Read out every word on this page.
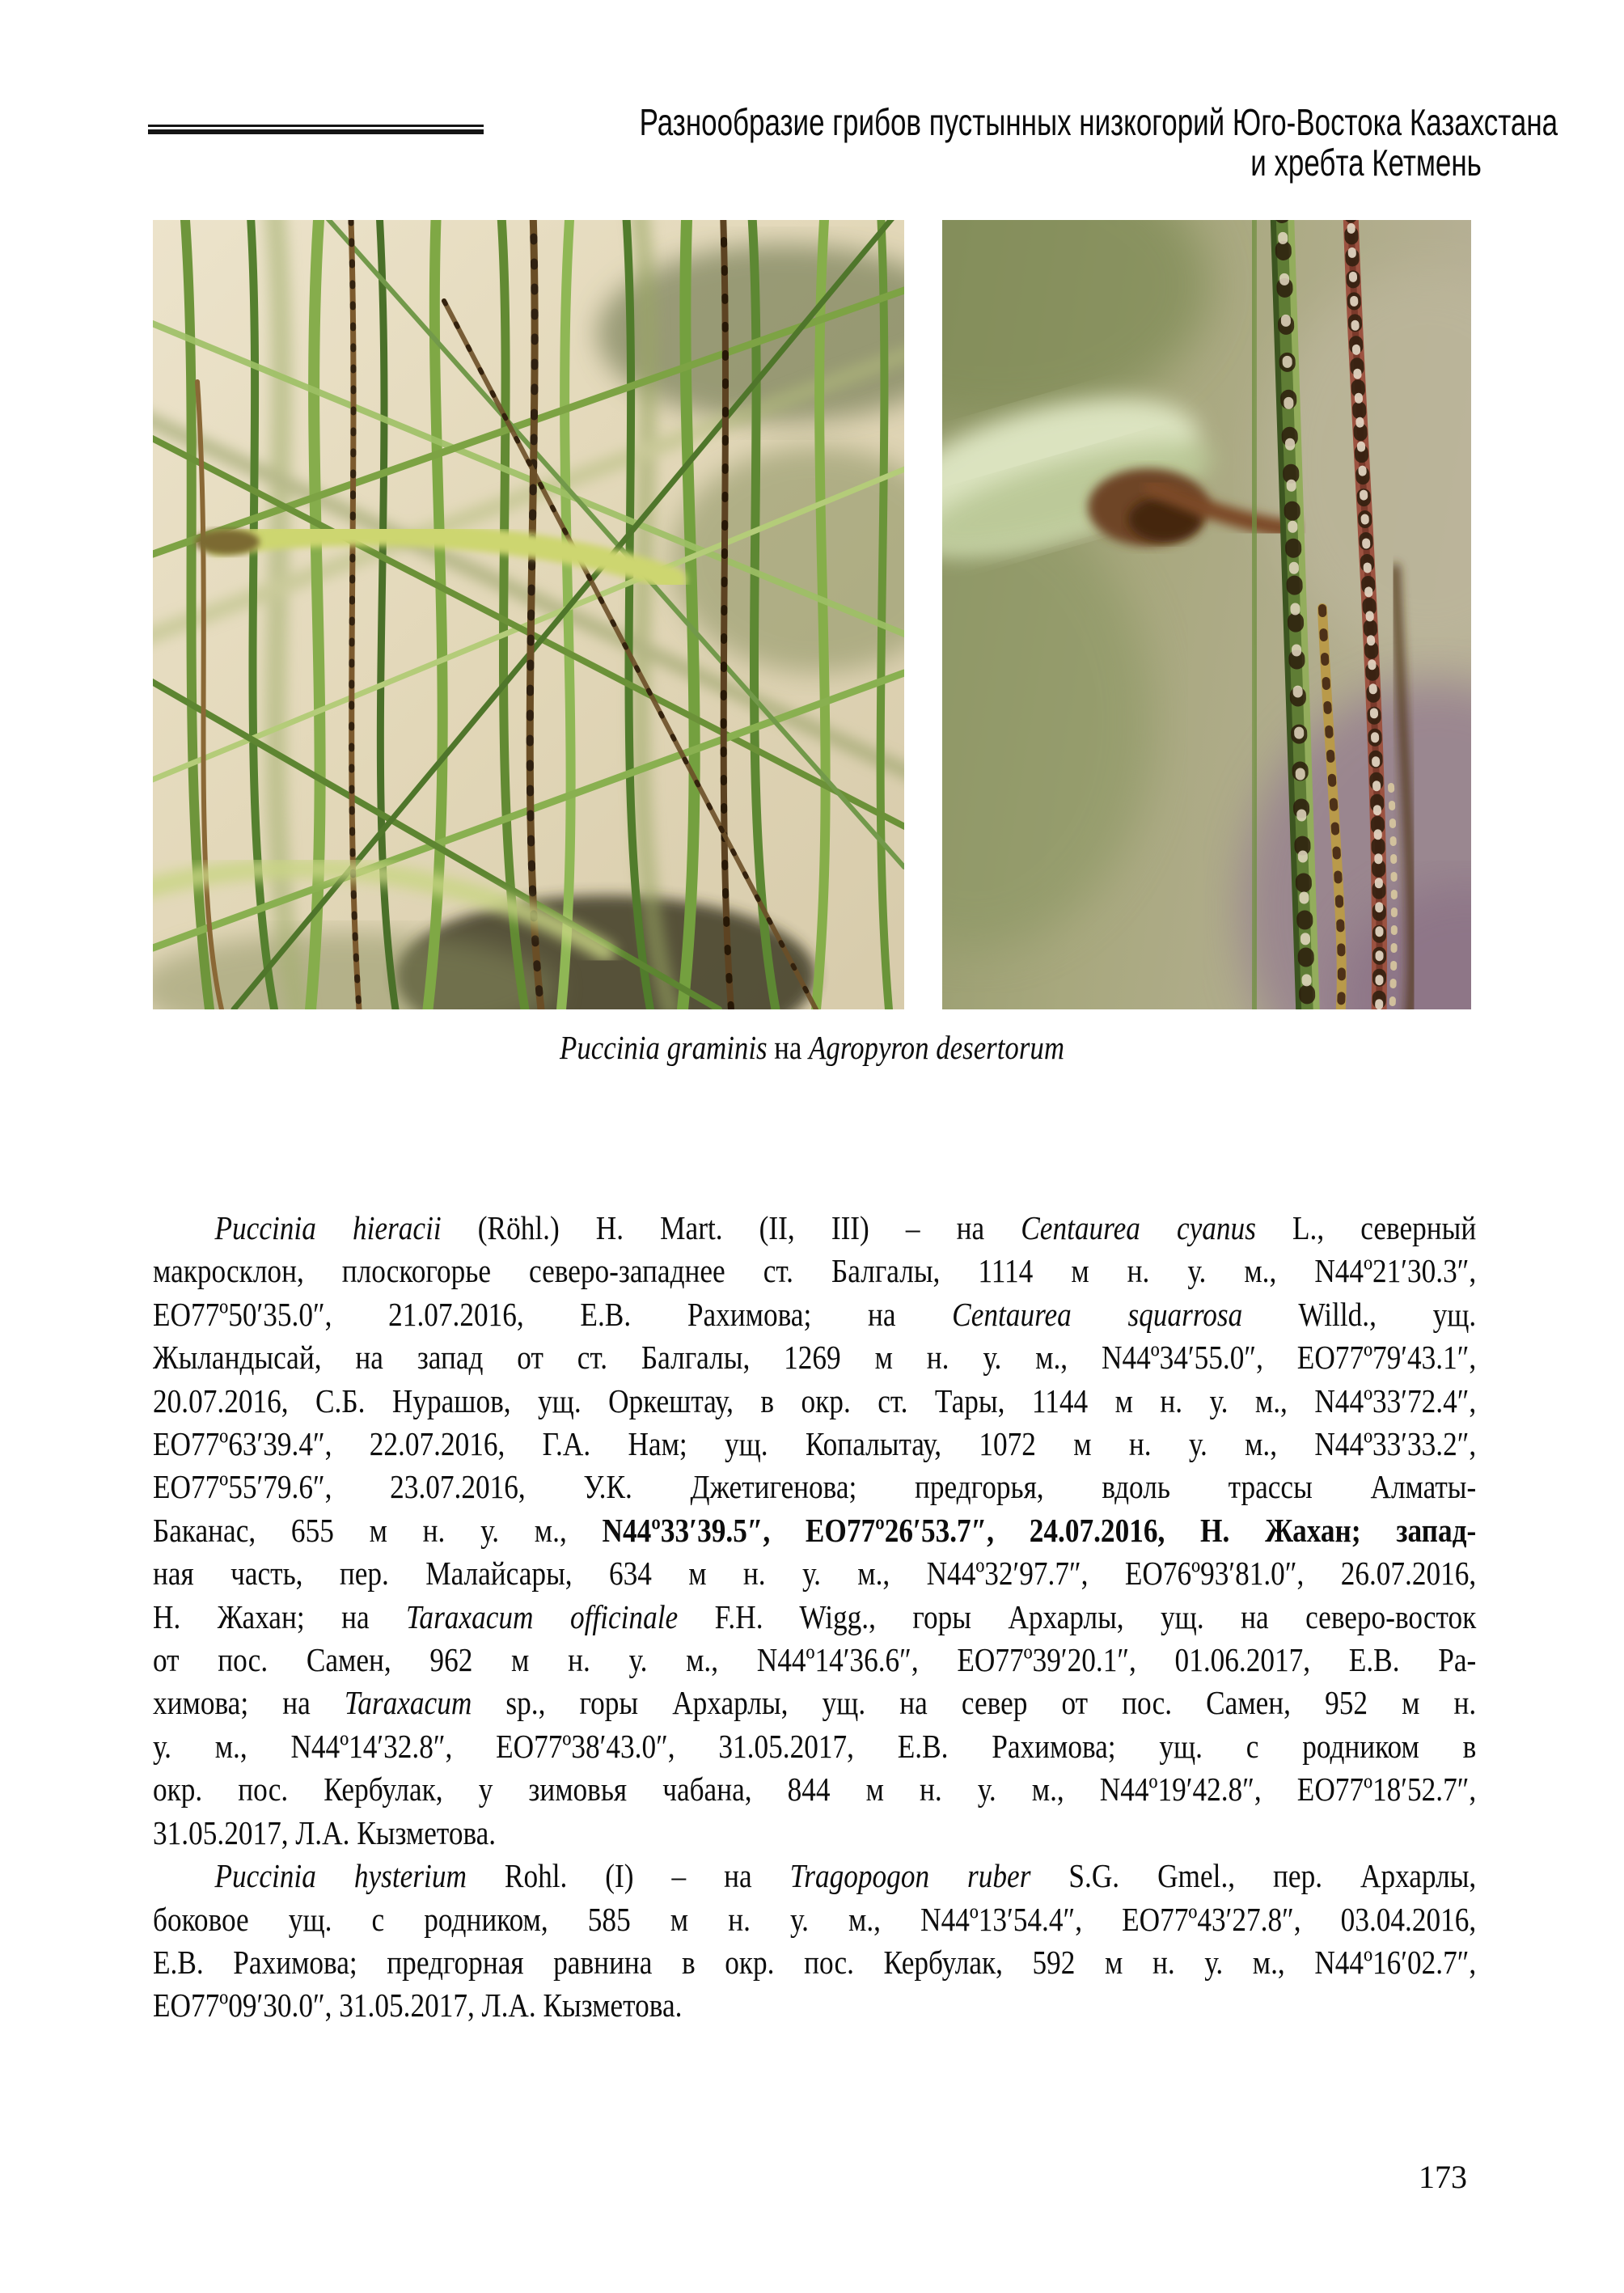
Разнообразие грибов пустынных низкогорий Юго-Востока Казахстана
и хребта Кетмень
Puccinia graminis на Agropyron desertorum
Puccinia hieracii (Röhl.) H. Mart. (II, III) – на Centaurea cyanus L., северный
макросклон, плоскогорье северо-западнее ст. Балгалы, 1114 м н. у. м., N44º21′30.3″,
EO77º50′35.0″, 21.07.2016, Е.В. Рахимова; на Centaurea squarrosa Willd., ущ.
Жыландысай, на запад от ст. Балгалы, 1269 м н. у. м., N44º34′55.0″, EO77º79′43.1″,
20.07.2016, С.Б. Нурашов, ущ. Оркештау, в окр. ст. Тары, 1144 м н. у. м., N44º33′72.4″,
EO77º63′39.4″, 22.07.2016, Г.А. Нам; ущ. Копалытау, 1072 м н. у. м., N44º33′33.2″,
EO77º55′79.6″, 23.07.2016, У.К. Джетигенова; предгорья, вдоль трассы Алматы-
Баканас, 655 м н. у. м., N44º33′39.5″, EO77º26′53.7″, 24.07.2016, Н. Жахан; запад-
ная часть, пер. Малайсары, 634 м н. у. м., N44º32′97.7″, EO76º93′81.0″, 26.07.2016,
Н. Жахан; на Taraxacum officinale F.H. Wigg., горы Архарлы, ущ. на северо-восток
от пос. Самен, 962 м н. у. м., N44º14′36.6″, EO77º39′20.1″, 01.06.2017, Е.В. Ра-
химова; на Taraxacum sp., горы Архарлы, ущ. на север от пос. Самен, 952 м н.
у. м., N44º14′32.8″, EO77º38′43.0″, 31.05.2017, Е.В. Рахимова; ущ. с родником в
окр. пос. Кербулак, у зимовья чабана, 844 м н. у. м., N44º19′42.8″, EO77º18′52.7″,
31.05.2017, Л.А. Кызметова.
Puccinia hysterium Rohl. (I) – на Tragopogon ruber S.G. Gmel., пер. Архарлы,
боковое ущ. с родником, 585 м н. у. м., N44º13′54.4″, EO77º43′27.8″, 03.04.2016,
Е.В. Рахимова; предгорная равнина в окр. пос. Кербулак, 592 м н. у. м., N44º16′02.7″,
EO77º09′30.0″, 31.05.2017, Л.А. Кызметова.
173
